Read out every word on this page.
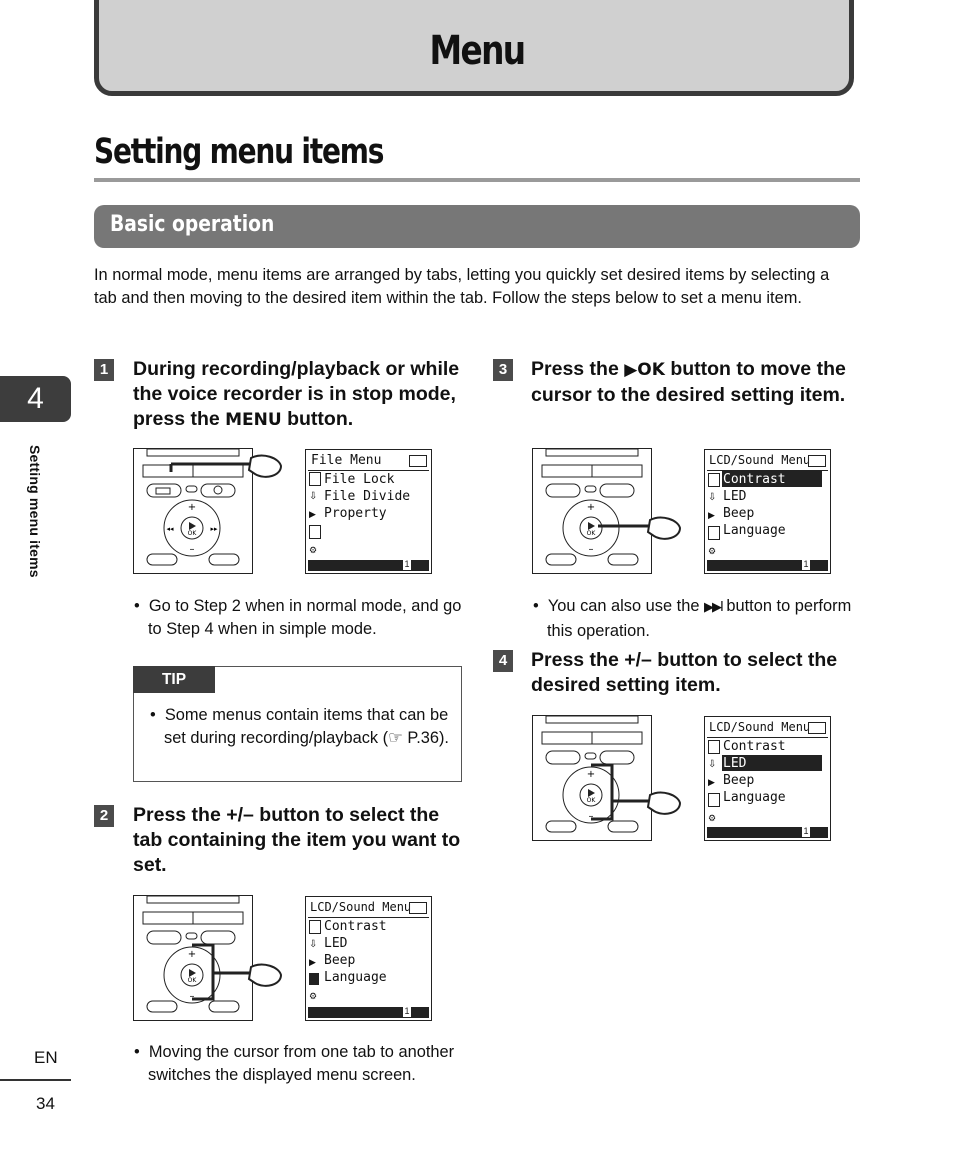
Menu
Setting menu items
Basic operation
In normal mode, menu items are arranged by tabs, letting you quickly set desired items by selecting a tab and then moving to the desired item within the tab. Follow the steps below to set a menu item.
4
Setting menu items
1 During recording/playback or while the voice recorder is in stop mode, press the MENU button.
OK
+
–
◂◂	▸▸
File Menu
⇩
▶
⚙
File Lock
File Divide
Property
1
•  Go to Step 2 when in normal mode, and go to Step 4 when in simple mode.
TIP
•  Some menus contain items that can be set during recording/playback (☞ P.36).
2 Press the +/– button to select the tab containing the item you want to set.
OK
+
–
LCD/Sound Menu
Contrast
LED
Beep
Language
⇩
▶
⚙
1
•  Moving the cursor from one tab to another switches the displayed menu screen.
3 Press the ▶OK button to move the cursor to the desired setting item.
OK
+
–
LCD/Sound Menu
Contrast
LED
Beep
Language
⇩
▶
⚙
1
•  You can also use the ▶▶I button to perform this operation.
4 Press the +/– button to select the desired setting item.
OK
+
–
LCD/Sound Menu
Contrast
LED
Beep
Language
⇩
▶
⚙
1
EN
34
